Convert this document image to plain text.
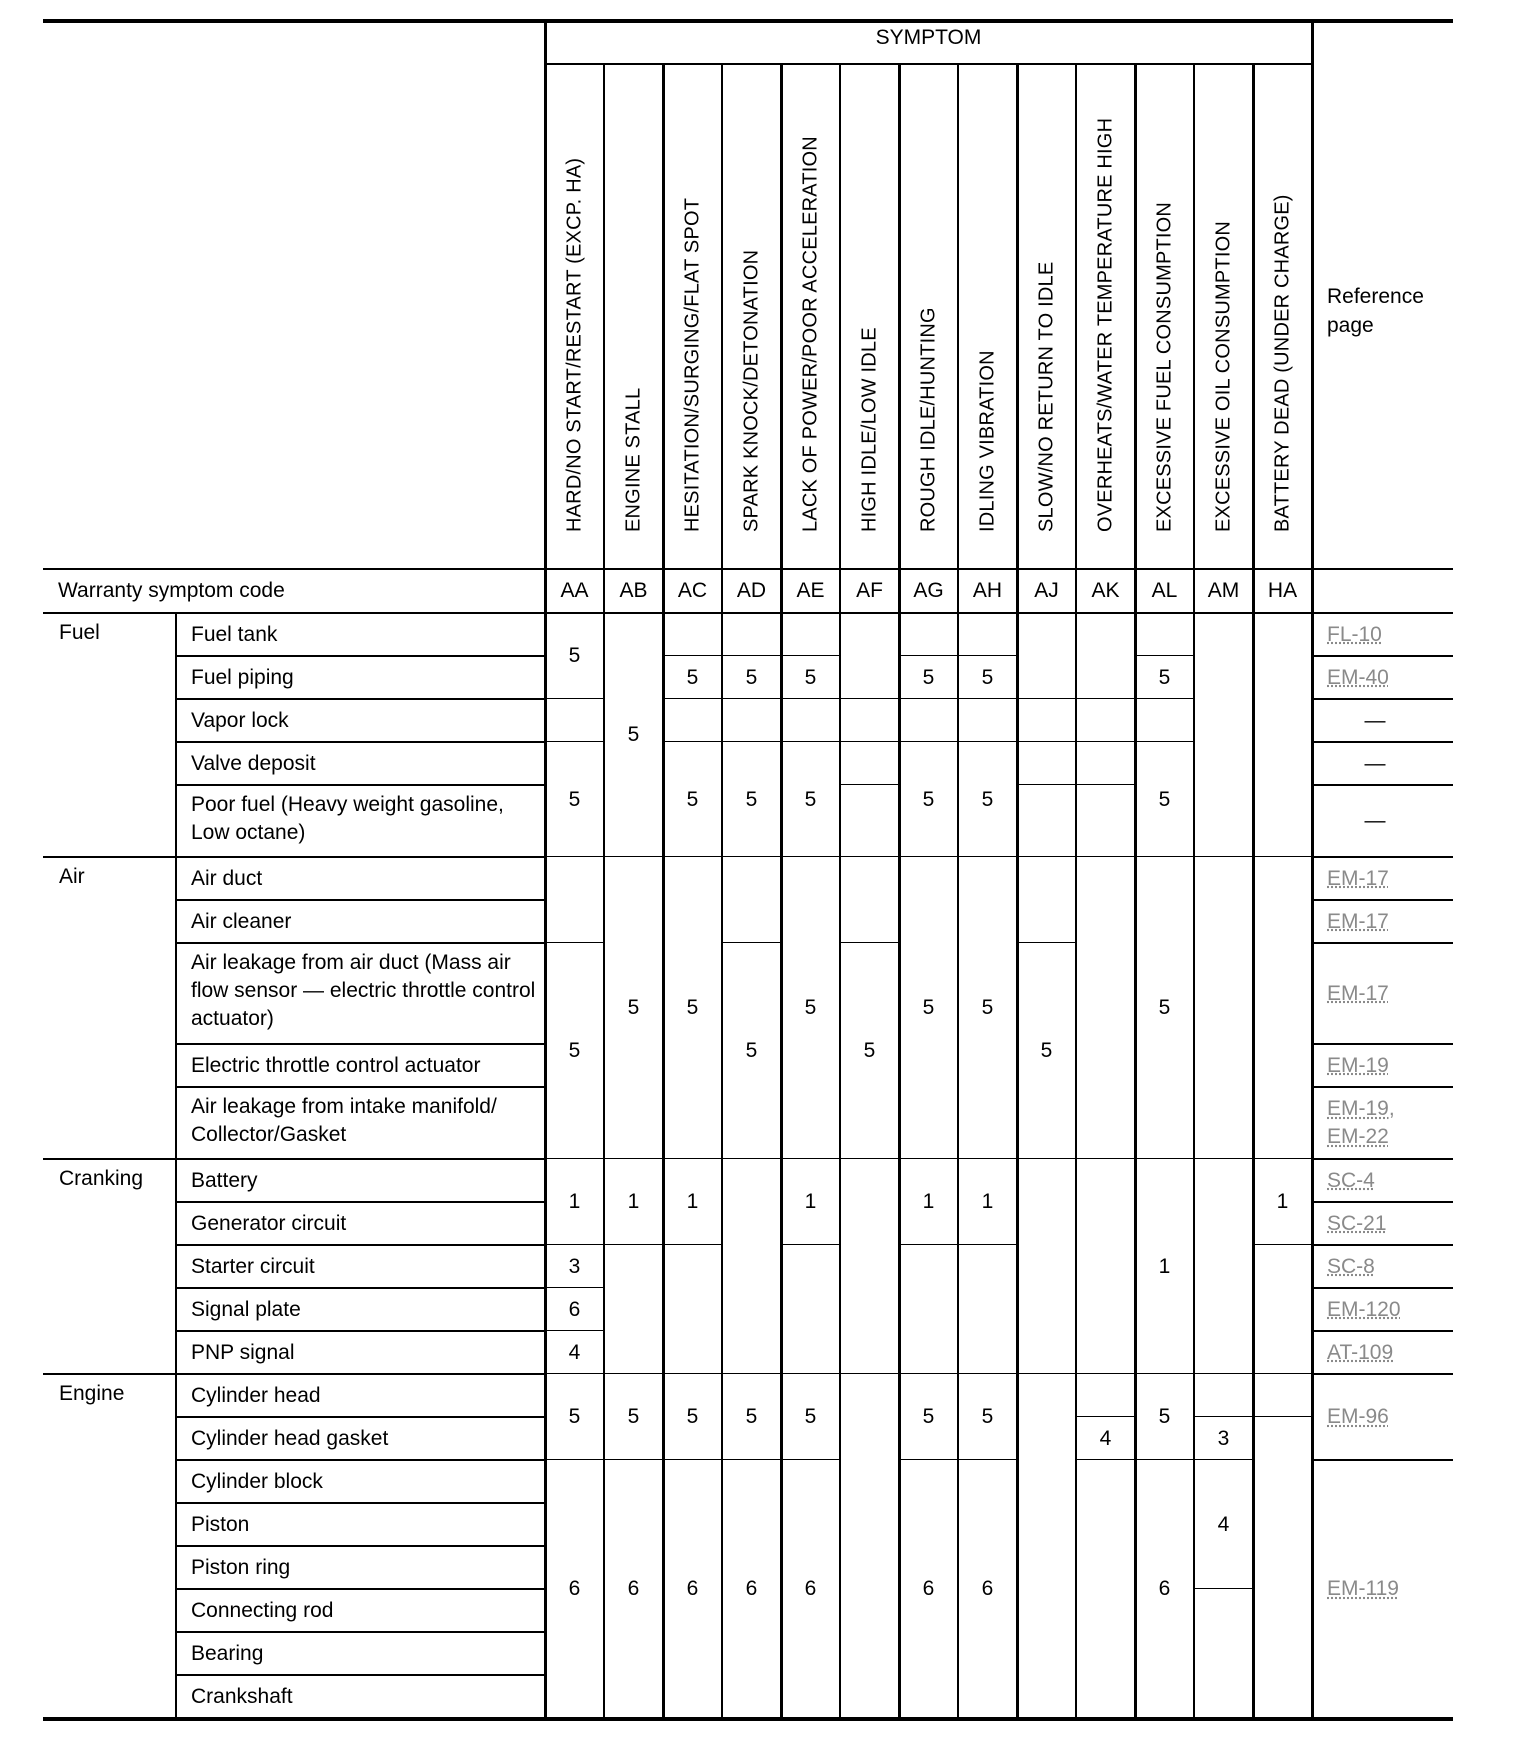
SYMPTOM
Reference page
Warranty symptom code
HARD/NO START/RESTART (EXCP. HA)
AA
ENGINE STALL
AB
HESITATION/SURGING/FLAT SPOT
AC
SPARK KNOCK/DETONATION
AD
LACK OF POWER/POOR ACCELERATION
AE
HIGH IDLE/LOW IDLE
AF
ROUGH IDLE/HUNTING
AG
IDLING VIBRATION
AH
SLOW/NO RETURN TO IDLE
AJ
OVERHEATS/WATER TEMPERATURE HIGH
AK
EXCESSIVE FUEL CONSUMPTION
AL
EXCESSIVE OIL CONSUMPTION
AM
BATTERY DEAD (UNDER CHARGE)
HA
Fuel
Air
Cranking
Engine
Fuel tank
Fuel piping
Vapor lock
Valve deposit
Poor fuel (Heavy weight gasoline, Low octane)
Air duct
Air cleaner
Air leakage from air duct (Mass air flow sensor — electric throttle control actuator)
Electric throttle control actuator
Air leakage from intake manifold/ Collector/Gasket
Battery
Generator circuit
Starter circuit
Signal plate
PNP signal
Cylinder head
Cylinder head gasket
Cylinder block
Piston
Piston ring
Connecting rod
Bearing
Crankshaft
5
5
5
1
3
6
4
5
6
5
5
1
5
6
5
5
5
1
5
6
5
5
5
5
6
5
5
5
1
5
6
5
5
5
5
1
5
6
5
5
5
1
5
6
5
4
5
5
5
1
5
6
3
4
1
FL-10
EM-40
—
—
—
EM-17
EM-17
EM-17
EM-19
EM-19,
EM-22
SC-4
SC-21
SC-8
EM-120
AT-109
EM-96
EM-119
